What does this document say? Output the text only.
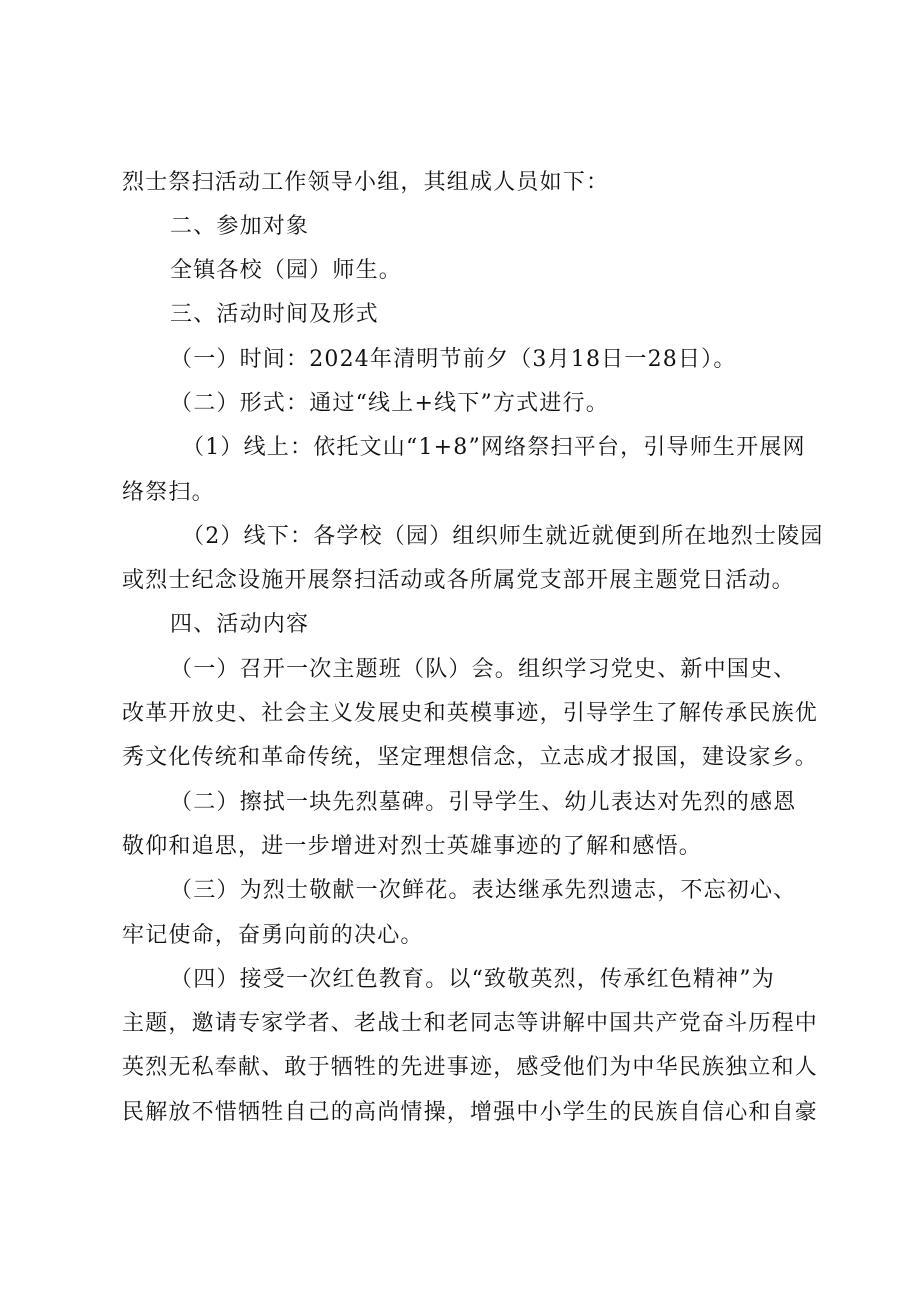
烈士祭扫活动工作领导小组，其组成人员如下：
二、参加对象
全镇各校（园）师生。
三、活动时间及形式
（一）时间：2024年清明节前夕（3月18日一28日）。
（二）形式：通过“线上+线下”方式进行。
（1）线上：依托文山“1+8”网络祭扫平台，引导师生开展网
络祭扫。
（2）线下：各学校（园）组织师生就近就便到所在地烈士陵园
或烈士纪念设施开展祭扫活动或各所属党支部开展主题党日活动。
四、活动内容
（一）召开一次主题班（队）会。组织学习党史、新中国史、
改革开放史、社会主义发展史和英模事迹，引导学生了解传承民族优
秀文化传统和革命传统，坚定理想信念，立志成才报国，建设家乡。
（二）擦拭一块先烈墓碑。引导学生、幼儿表达对先烈的感恩
敬仰和追思，进一步增进对烈士英雄事迹的了解和感悟。
（三）为烈士敬献一次鲜花。表达继承先烈遗志，不忘初心、
牢记使命，奋勇向前的决心。
（四）接受一次红色教育。以“致敬英烈，传承红色精神”为
主题，邀请专家学者、老战士和老同志等讲解中国共产党奋斗历程中
英烈无私奉献、敢于牺牲的先进事迹，感受他们为中华民族独立和人
民解放不惜牺牲自己的高尚情操，增强中小学生的民族自信心和自豪
